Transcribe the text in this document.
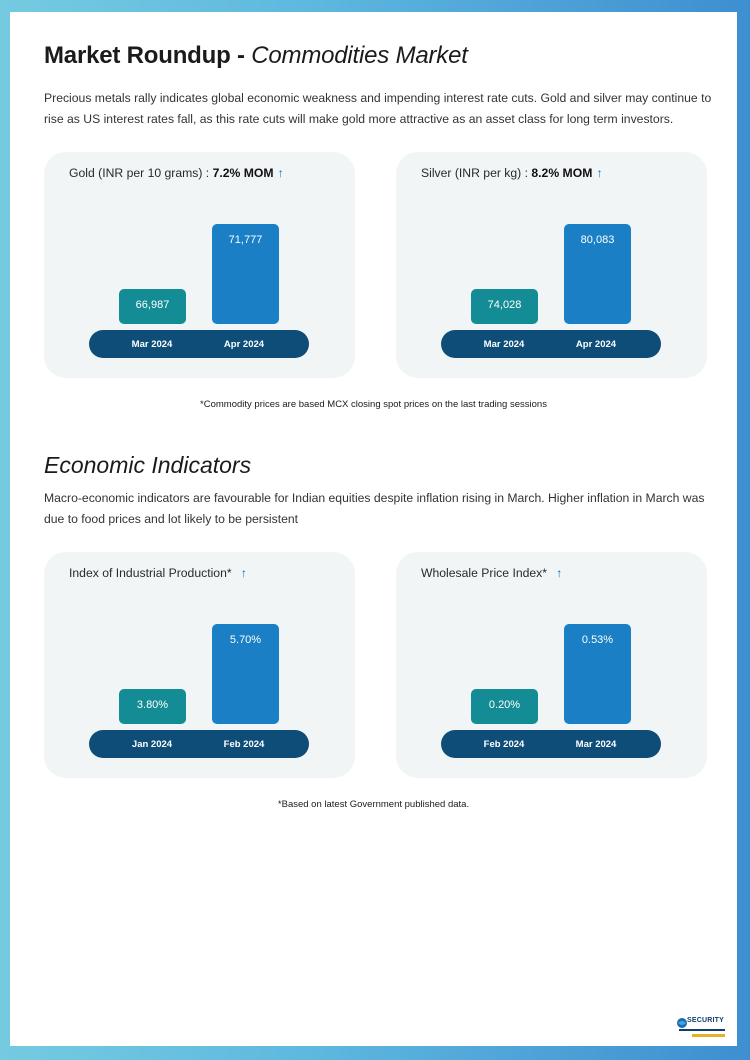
Market Roundup - Commodities Market

Precious metals rally indicates global economic weakness and impending interest rate cuts. Gold and silver may continue to rise as US interest rates fall, as this rate cuts will make gold more attractive as an asset class for long term investors.

Gold (INR per 10 grams) : 7.2% MOM ↑
66,987
71,777
Mar 2024	Apr 2024
Silver (INR per kg) : 8.2% MOM ↑
74,028
80,083
Mar 2024	Apr 2024
*Commodity prices are based MCX closing spot prices on the last trading sessions
Economic Indicators

Macro-economic indicators are favourable for Indian equities despite inflation rising in March. Higher inflation in March was due to food prices and lot likely to be persistent

Index of Industrial Production* ↑
3.80%
5.70%
Jan 2024	Feb 2024
Wholesale Price Index* ↑
0.20%
0.53%
Feb 2024	Mar 2024
*Based on latest Government published data.
SECURITY
